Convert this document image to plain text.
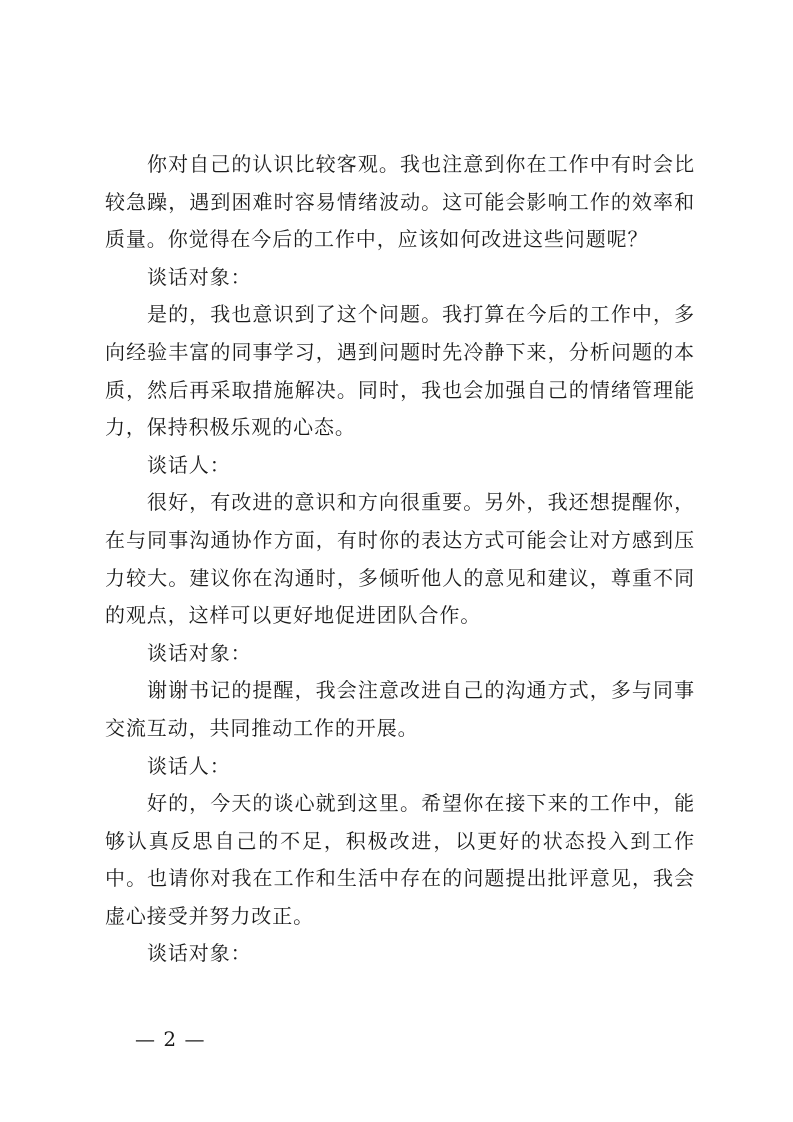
你对自己的认识比较客观。我也注意到你在工作中有时会比较急躁，遇到困难时容易情绪波动。这可能会影响工作的效率和质量。你觉得在今后的工作中，应该如何改进这些问题呢？

谈话对象：

是的，我也意识到了这个问题。我打算在今后的工作中，多向经验丰富的同事学习，遇到问题时先冷静下来，分析问题的本质，然后再采取措施解决。同时，我也会加强自己的情绪管理能力，保持积极乐观的心态。

谈话人：

很好，有改进的意识和方向很重要。另外，我还想提醒你，在与同事沟通协作方面，有时你的表达方式可能会让对方感到压力较大。建议你在沟通时，多倾听他人的意见和建议，尊重不同的观点，这样可以更好地促进团队合作。

谈话对象：

谢谢书记的提醒，我会注意改进自己的沟通方式，多与同事交流互动，共同推动工作的开展。

谈话人：

好的，今天的谈心就到这里。希望你在接下来的工作中，能够认真反思自己的不足，积极改进，以更好的状态投入到工作中。也请你对我在工作和生活中存在的问题提出批评意见，我会虚心接受并努力改正。

谈话对象：

— 2 —
